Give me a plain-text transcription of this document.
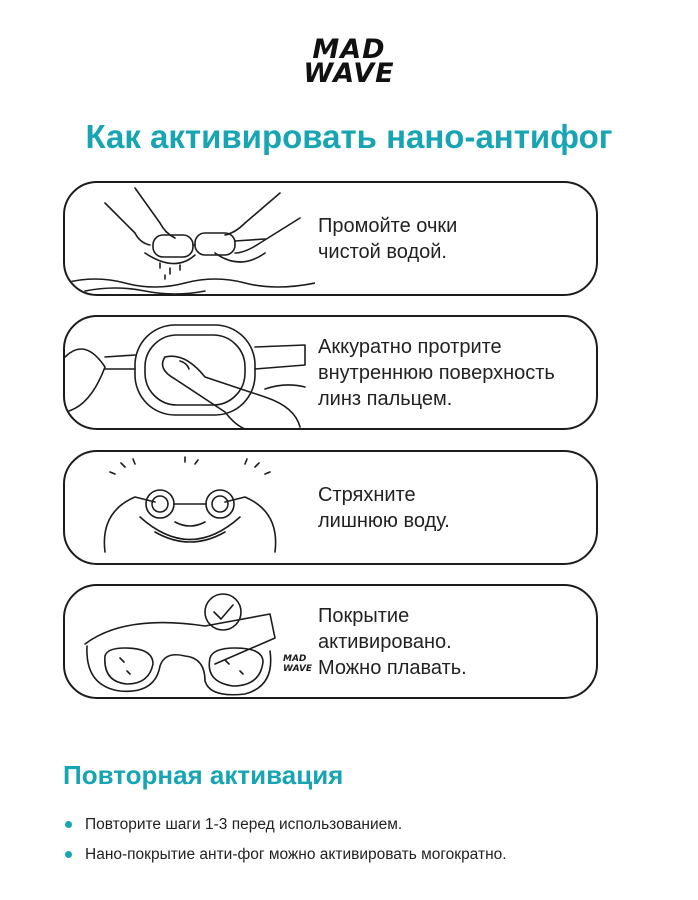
MAD
WAVE
Как активировать нано-антифог
Промойте очки
чистой водой.
Аккуратно протрите
внутреннюю поверхность
линз пальцем.
Стряхните
лишнюю воду.
MAD
WAVE
Покрытие
активировано.
Можно плавать.
Повторная активация
Повторите шаги 1-3 перед использованием.
Нано-покрытие анти-фог можно активировать могократно.
